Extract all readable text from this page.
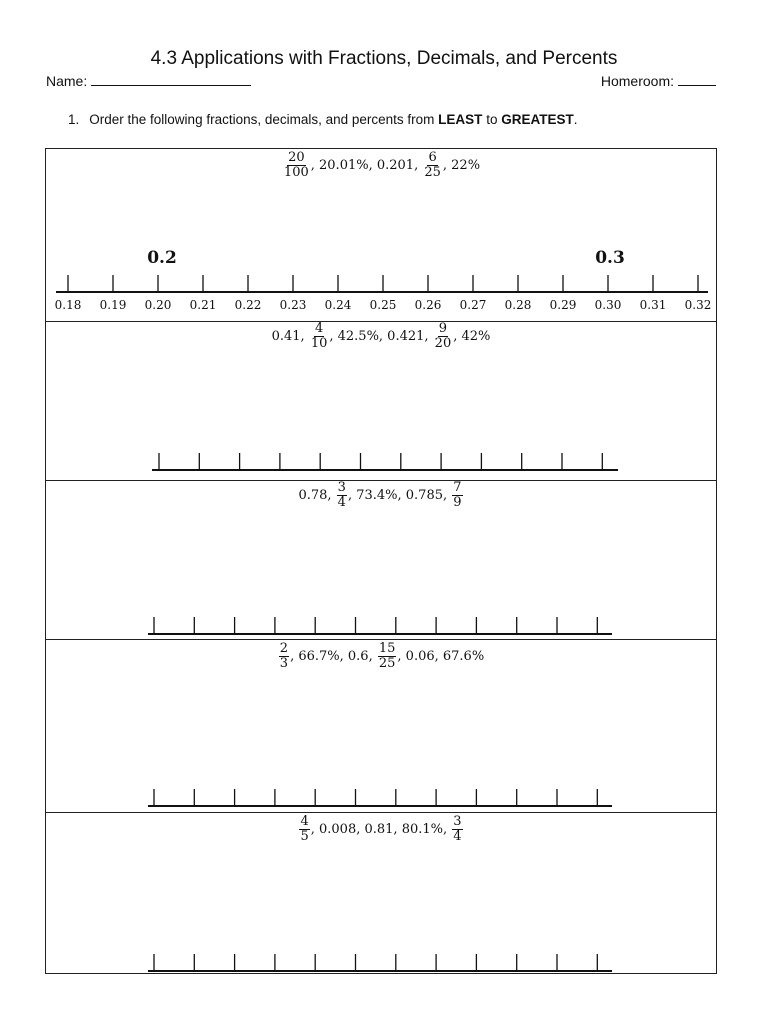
4.3 Applications with Fractions, Decimals, and Percents
Name:	Homeroom:
1. Order the following fractions, decimals, and percents from LEAST to GREATEST.
$\frac{20}{100}$ , 20.01%, 0.201, $\frac{6}{25}$ , 22%
0.18 0.19 0.20 0.21 0.22 0.23 0.24 0.25 0.26 0.27 0.28 0.29 0.30 0.31 0.32
0.2	0.3
0.41, $\frac{4}{10}$ , 42.5%, 0.421, $\frac{9}{20}$ , 42%
0.78, $\frac{3}{4}$ , 73.4%, 0.785, $\frac{7}{9}$
$\frac{2}{3}$ , 66.7%, 0.6, $\frac{15}{25}$ , 0.06, 67.6%
$\frac{4}{5}$ , 0.008, 0.81, 80.1%, $\frac{3}{4}$
